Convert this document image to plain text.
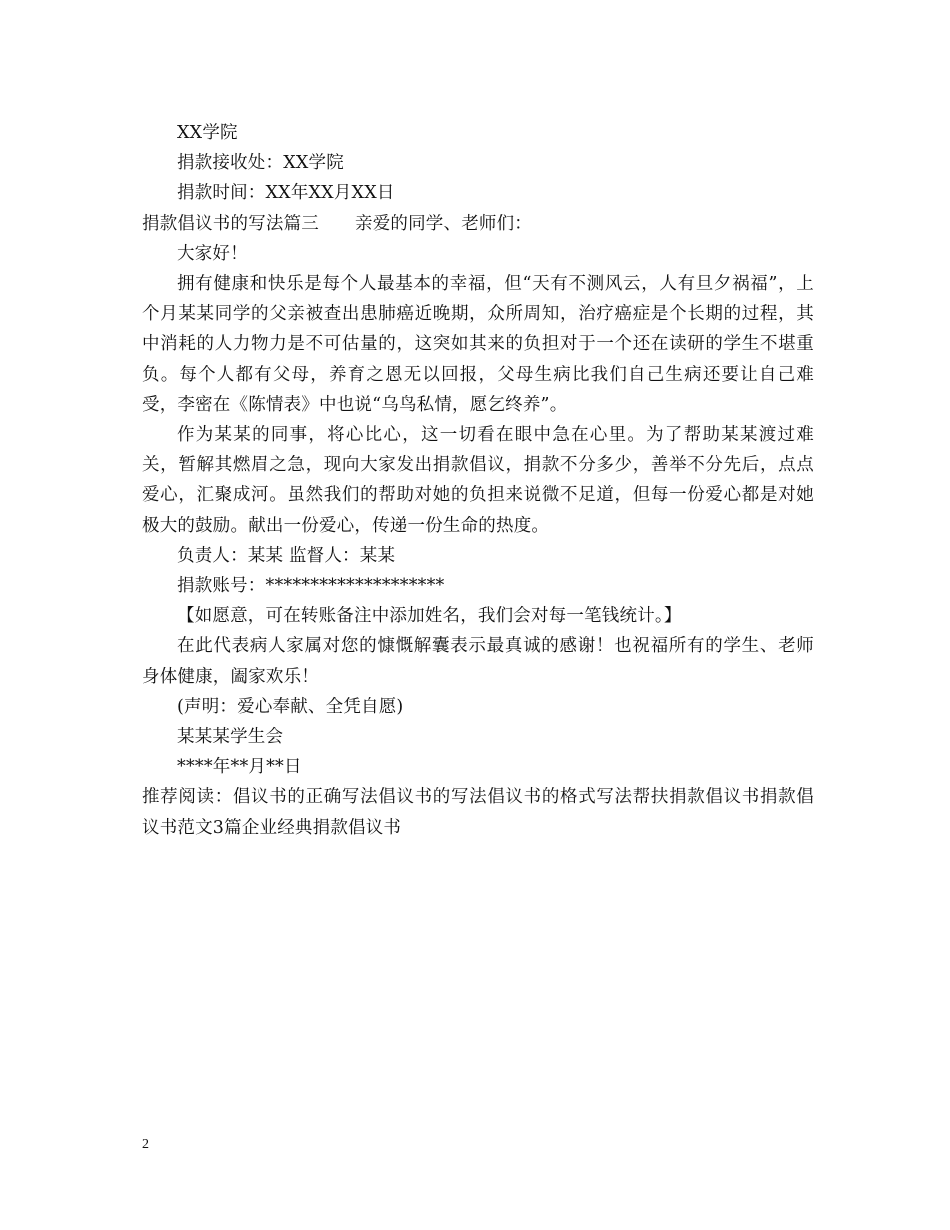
XX学院

捐款接收处：XX学院

捐款时间：XX年XX月XX日

捐款倡议书的写法篇三 亲爱的同学、老师们：

大家好！

拥有健康和快乐是每个人最基本的幸福，但“天有不测风云，人有旦夕祸福”，上个月某某同学的父亲被查出患肺癌近晚期，众所周知，治疗癌症是个长期的过程，其中消耗的人力物力是不可估量的，这突如其来的负担对于一个还在读研的学生不堪重负。每个人都有父母，养育之恩无以回报，父母生病比我们自己生病还要让自己难受，李密在《陈情表》中也说“乌鸟私情，愿乞终养”。

作为某某的同事，将心比心，这一切看在眼中急在心里。为了帮助某某渡过难关，暂解其燃眉之急，现向大家发出捐款倡议，捐款不分多少，善举不分先后，点点爱心，汇聚成河。虽然我们的帮助对她的负担来说微不足道，但每一份爱心都是对她极大的鼓励。献出一份爱心，传递一份生命的热度。

负责人：某某 监督人：某某

捐款账号：********************

【如愿意，可在转账备注中添加姓名，我们会对每一笔钱统计。】

在此代表病人家属对您的慷慨解囊表示最真诚的感谢！也祝福所有的学生、老师身体健康，阖家欢乐！

(声明：爱心奉献、全凭自愿)

某某某学生会

****年**月**日

推荐阅读：倡议书的正确写法倡议书的写法倡议书的格式写法帮扶捐款倡议书捐款倡议书范文3篇企业经典捐款倡议书

2
